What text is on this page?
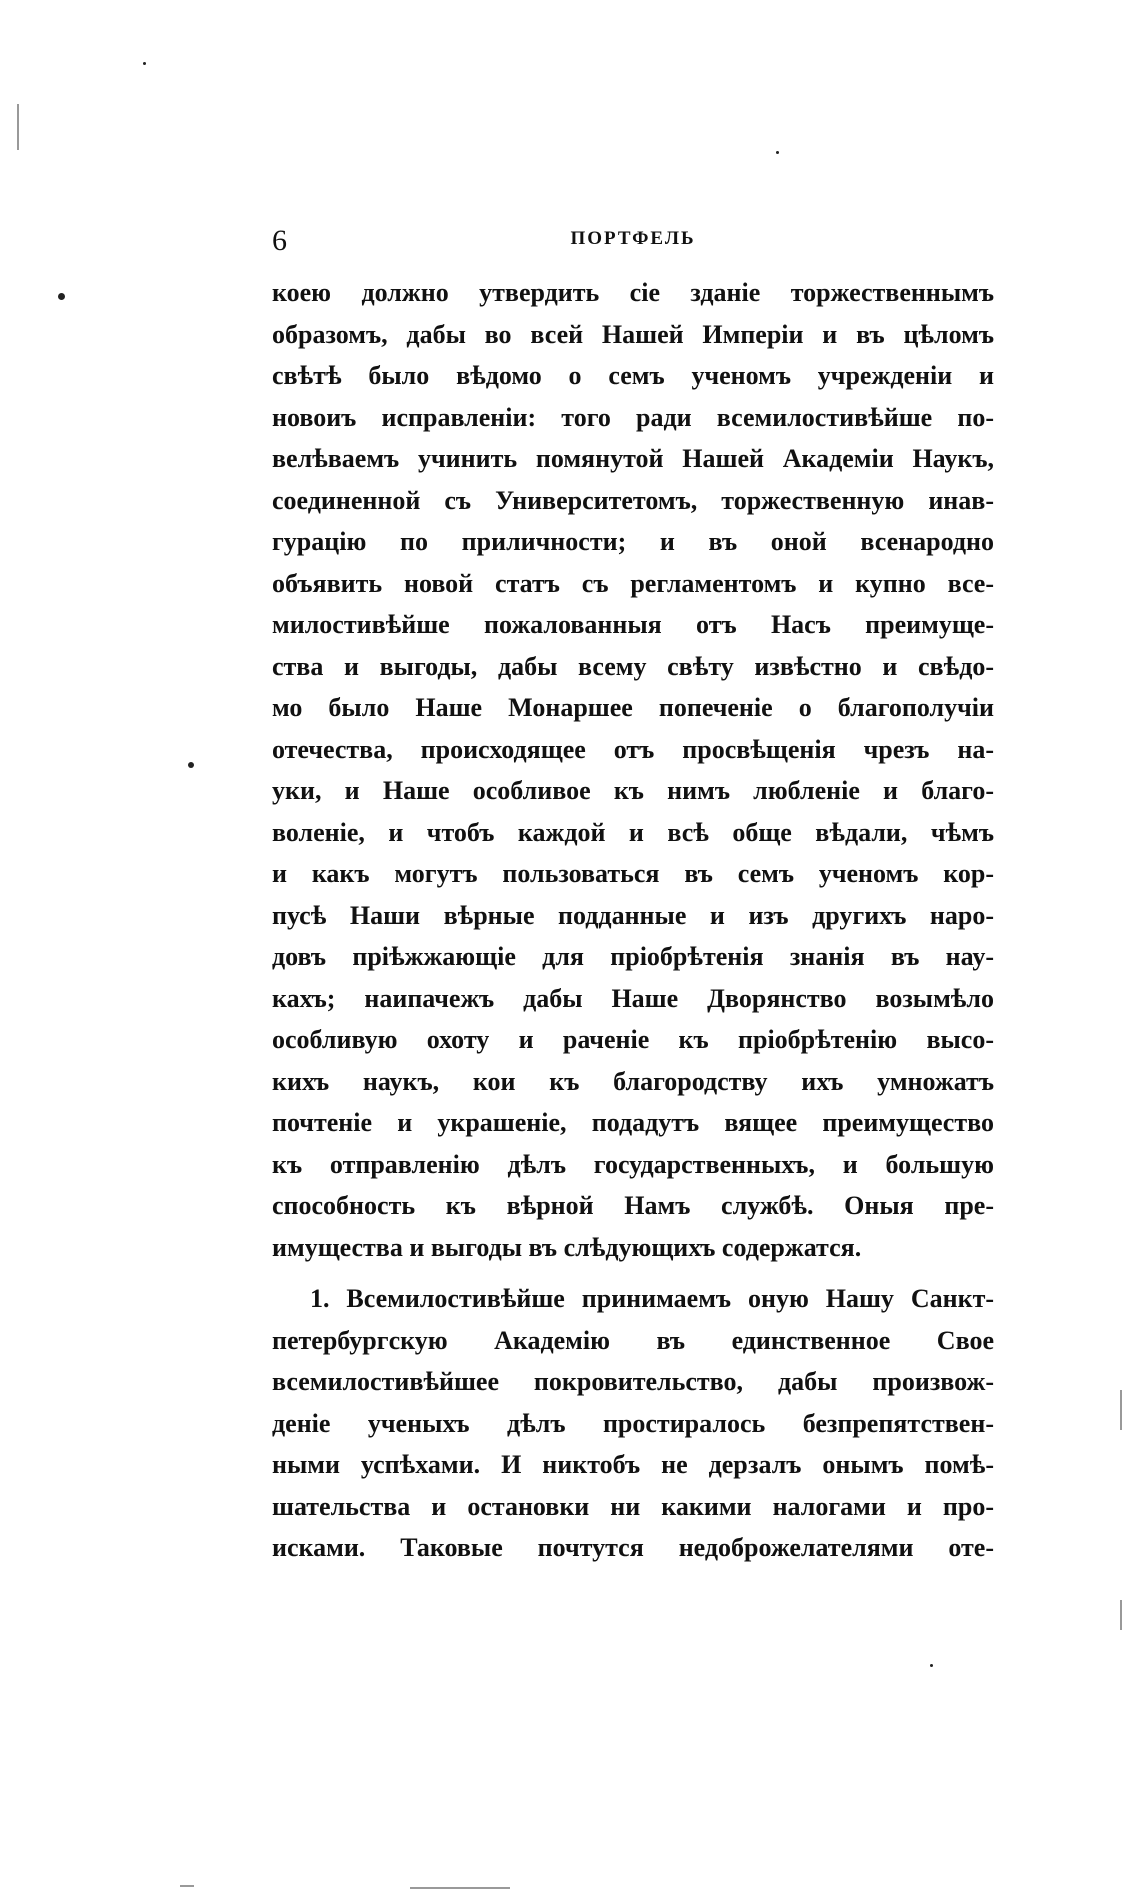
6	ПОРТФЕЛЬ
коею должно утвердить сіе зданіе торжественнымъ
образомъ, дабы во всей Нашей Имперіи и въ цѣломъ
свѣтѣ было вѣдомо о семъ ученомъ учрежденіи и
новоиъ исправленіи: того ради всемилостивѣйше по-
велѣваемъ учинить помянутой Нашей Академіи Наукъ,
соединенной съ Университетомъ, торжественную инав-
гурацію по приличности; и въ оной всенародно
объявить новой статъ съ регламентомъ и купно все-
милостивѣйше пожалованныя отъ Насъ преимуще-
ства и выгоды, дабы всему свѣту извѣстно и свѣдо-
мо было Наше Монаршее попеченіе о благополучіи
отечества, происходящее отъ просвѣщенія чрезъ на-
уки, и Наше особливое къ нимъ любленіе и благо-
воленіе, и чтобъ каждой и всѣ обще вѣдали, чѣмъ
и какъ могутъ пользоваться въ семъ ученомъ кор-
пусѣ Наши вѣрные подданные и изъ другихъ наро-
довъ пріѣжжающіе для пріобрѣтенія знанія въ нау-
кахъ; наипачежъ дабы Наше Дворянство возымѣло
особливую охоту и раченіе къ пріобрѣтенію высо-
кихъ наукъ, кои къ благородству ихъ умножатъ
почтеніе и украшеніе, подадутъ вящее преимущество
къ отправленію дѣлъ государственныхъ, и большую
способность къ вѣрной Намъ службѣ. Оныя пре-
имущества и выгоды въ слѣдующихъ содержатся.
1. Всемилостивѣйше принимаемъ оную Нашу Санкт-
петербургскую Академію въ единственное Свое
всемилостивѣйшее покровительство, дабы произвож-
деніе ученыхъ дѣлъ простиралось безпрепятствен-
ными успѣхами. И никтобъ не дерзалъ онымъ помѣ-
шательства и остановки ни какими налогами и про-
исками. Таковые почтутся недоброжелателями оте-
